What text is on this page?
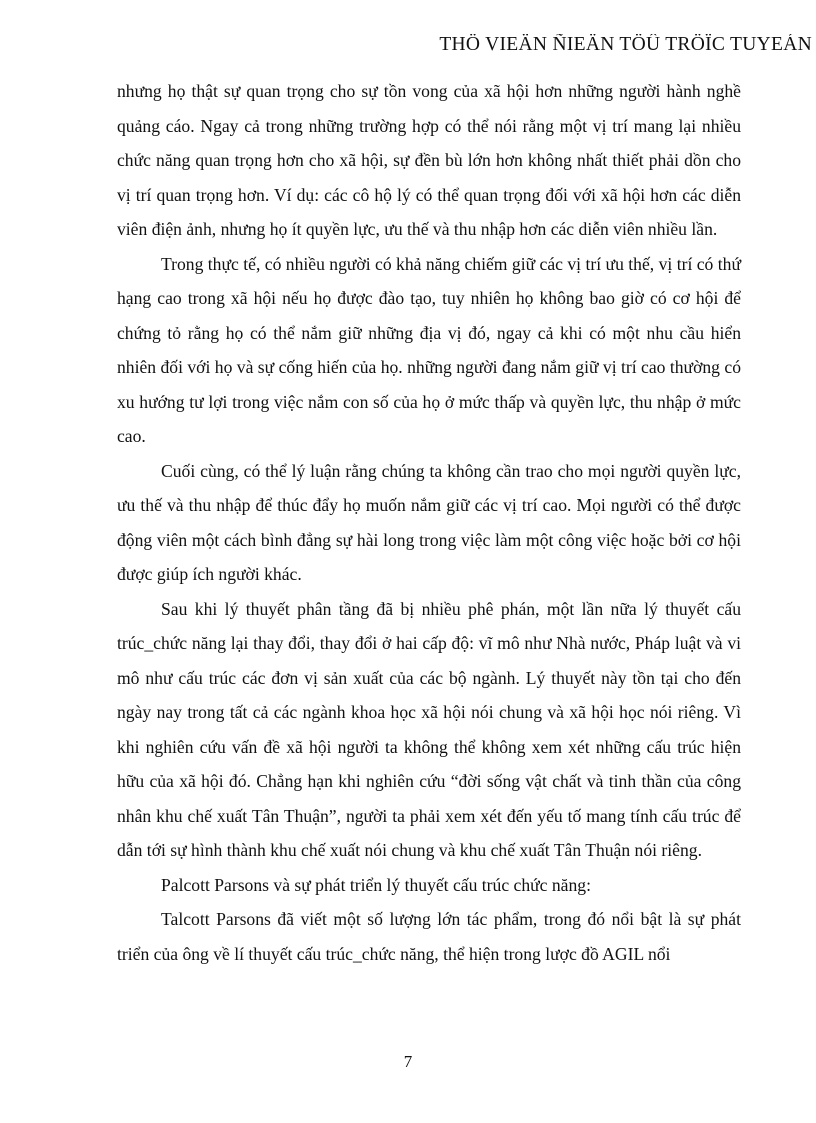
THÖ VIEÄN ÑIEÄN TÖÛ TRÖÏC TUYEÁN

nhưng họ thật sự quan trọng cho sự tồn vong của xã hội hơn những người hành nghề quảng cáo. Ngay cả trong những trường hợp có thể nói rằng một vị trí mang lại nhiều chức năng quan trọng hơn cho xã hội, sự đền bù lớn hơn không nhất thiết phải dồn cho vị trí quan trọng hơn. Ví dụ: các cô hộ lý có thể quan trọng đối với xã hội hơn các diễn viên điện ảnh, nhưng họ ít quyền lực, ưu thế và thu nhập hơn các diễn viên nhiều lần.

Trong thực tế, có nhiều người có khả năng chiếm giữ các vị trí ưu thế, vị trí có thứ hạng cao trong xã hội nếu họ được đào tạo, tuy nhiên họ không bao giờ có cơ hội để chứng tỏ rằng họ có thể nắm giữ những địa vị đó, ngay cả khi có một nhu cầu hiển nhiên đối với họ và sự cống hiến của họ. những người đang nắm giữ vị trí cao thường có xu hướng tư lợi trong việc nắm con số của họ ở mức thấp và quyền lực, thu nhập ở mức cao.

Cuối cùng, có thể lý luận rằng chúng ta không cần trao cho mọi người quyền lực, ưu thế và thu nhập để thúc đẩy họ muốn nắm giữ các vị trí cao. Mọi người có thể được động viên một cách bình đẳng sự hài long trong việc làm một công việc hoặc bởi cơ hội được giúp ích người khác.

Sau khi lý thuyết phân tầng đã bị nhiều phê phán, một lần nữa lý thuyết cấu trúc_chức năng lại thay đổi, thay đổi ở hai cấp độ: vĩ mô như Nhà nước, Pháp luật và vi mô như cấu trúc các đơn vị sản xuất của các bộ ngành. Lý thuyết này tồn tại cho đến ngày nay trong tất cả các ngành khoa học xã hội nói chung và xã hội học nói riêng. Vì khi nghiên cứu vấn đề xã hội người ta không thể không xem xét những cấu trúc hiện hữu của xã hội đó. Chẳng hạn khi nghiên cứu “đời sống vật chất và tinh thần của công nhân khu chế xuất Tân Thuận”, người ta phải xem xét đến yếu tố mang tính cấu trúc để dẫn tới sự hình thành khu chế xuất nói chung và khu chế xuất Tân Thuận nói riêng.

Palcott Parsons và sự phát triển lý thuyết cấu trúc chức năng:

Talcott Parsons đã viết một số lượng lớn tác phẩm, trong đó nổi bật là sự phát triển của ông về lí thuyết cấu trúc_chức năng, thể hiện trong lược đồ AGIL nổi

7
